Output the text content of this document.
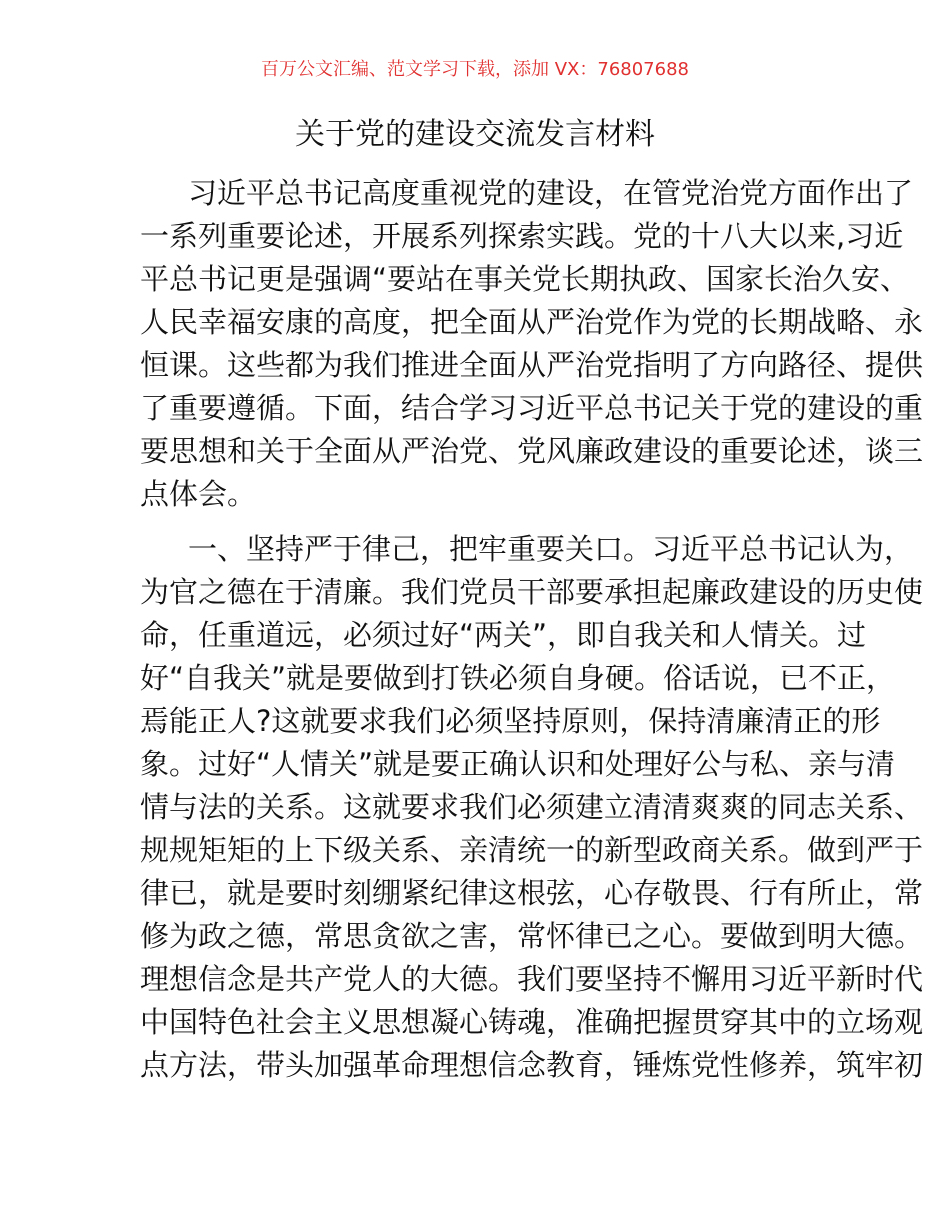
百万公文汇编、范文学习下载，添加 VX：76807688
关于党的建设交流发言材料
习近平总书记高度重视党的建设，在管党治党方面作出了
一系列重要论述，开展系列探索实践。党的十八大以来,习近
平总书记更是强调“要站在事关党长期执政、国家长治久安、
人民幸福安康的高度，把全面从严治党作为党的长期战略、永
恒课。这些都为我们推进全面从严治党指明了方向路径、提供
了重要遵循。下面，结合学习习近平总书记关于党的建设的重
要思想和关于全面从严治党、党风廉政建设的重要论述，谈三
点体会。
一、坚持严于律己，把牢重要关口。习近平总书记认为，
为官之德在于清廉。我们党员干部要承担起廉政建设的历史使
命，任重道远，必须过好“两关”，即自我关和人情关。过
好“自我关”就是要做到打铁必须自身硬。俗话说，已不正，
焉能正人?这就要求我们必须坚持原则，保持清廉清正的形
象。过好“人情关”就是要正确认识和处理好公与私、亲与清
情与法的关系。这就要求我们必须建立清清爽爽的同志关系、
规规矩矩的上下级关系、亲清统一的新型政商关系。做到严于
律已，就是要时刻绷紧纪律这根弦，心存敬畏、行有所止，常
修为政之德，常思贪欲之害，常怀律已之心。要做到明大德。
理想信念是共产党人的大德。我们要坚持不懈用习近平新时代
中国特色社会主义思想凝心铸魂，准确把握贯穿其中的立场观
点方法，带头加强革命理想信念教育，锤炼党性修养，筑牢初
